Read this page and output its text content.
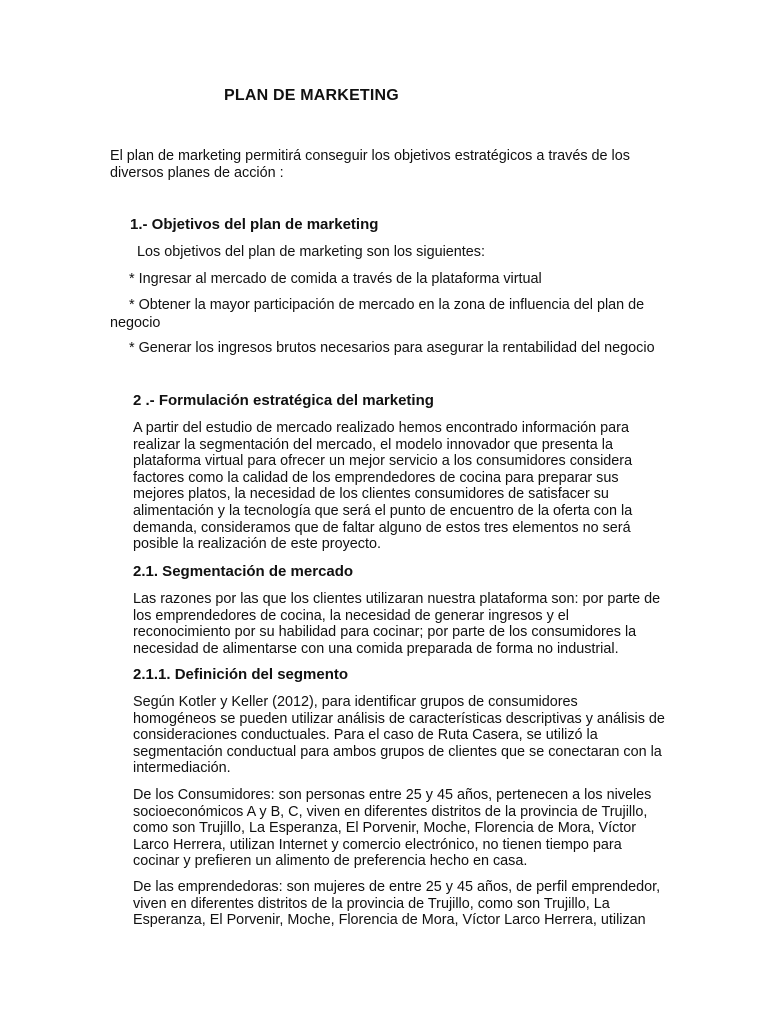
PLAN DE MARKETING
El plan de marketing permitirá conseguir los objetivos estratégicos a través de los
diversos planes de acción :
1.- Objetivos del plan de marketing
Los objetivos del plan de marketing son los siguientes:
* Ingresar al mercado de comida a través de la plataforma virtual
* Obtener la mayor participación de mercado en la zona de influencia del plan de
negocio
* Generar los ingresos brutos necesarios para asegurar la rentabilidad del negocio
2 .- Formulación estratégica del marketing
A partir del estudio de mercado realizado hemos encontrado información para
realizar la segmentación del mercado, el modelo innovador que presenta la
plataforma virtual para ofrecer un mejor servicio a los consumidores considera
factores como la calidad de los emprendedores de cocina para preparar sus
mejores platos, la necesidad de los clientes consumidores de satisfacer su
alimentación y la tecnología que será el punto de encuentro de la oferta con la
demanda, consideramos que de faltar alguno de estos tres elementos no será
posible la realización de este proyecto.
2.1. Segmentación de mercado
Las razones por las que los clientes utilizaran nuestra plataforma son: por parte de
los emprendedores de cocina, la necesidad de generar ingresos y el
reconocimiento por su habilidad para cocinar; por parte de los consumidores la
necesidad de alimentarse con una comida preparada de forma no industrial.
2.1.1. Definición del segmento
Según Kotler y Keller (2012), para identificar grupos de consumidores
homogéneos se pueden utilizar análisis de características descriptivas y análisis de
consideraciones conductuales. Para el caso de Ruta Casera, se utilizó la
segmentación conductual para ambos grupos de clientes que se conectaran con la
intermediación.
De los Consumidores: son personas entre 25 y 45 años, pertenecen a los niveles
socioeconómicos A y B, C, viven en diferentes distritos de la provincia de Trujillo,
como son Trujillo, La Esperanza, El Porvenir, Moche, Florencia de Mora, Víctor
Larco Herrera, utilizan Internet y comercio electrónico, no tienen tiempo para
cocinar y prefieren un alimento de preferencia hecho en casa.
De las emprendedoras: son mujeres de entre 25 y 45 años, de perfil emprendedor,
viven en diferentes distritos de la provincia de Trujillo, como son Trujillo, La
Esperanza, El Porvenir, Moche, Florencia de Mora, Víctor Larco Herrera, utilizan
